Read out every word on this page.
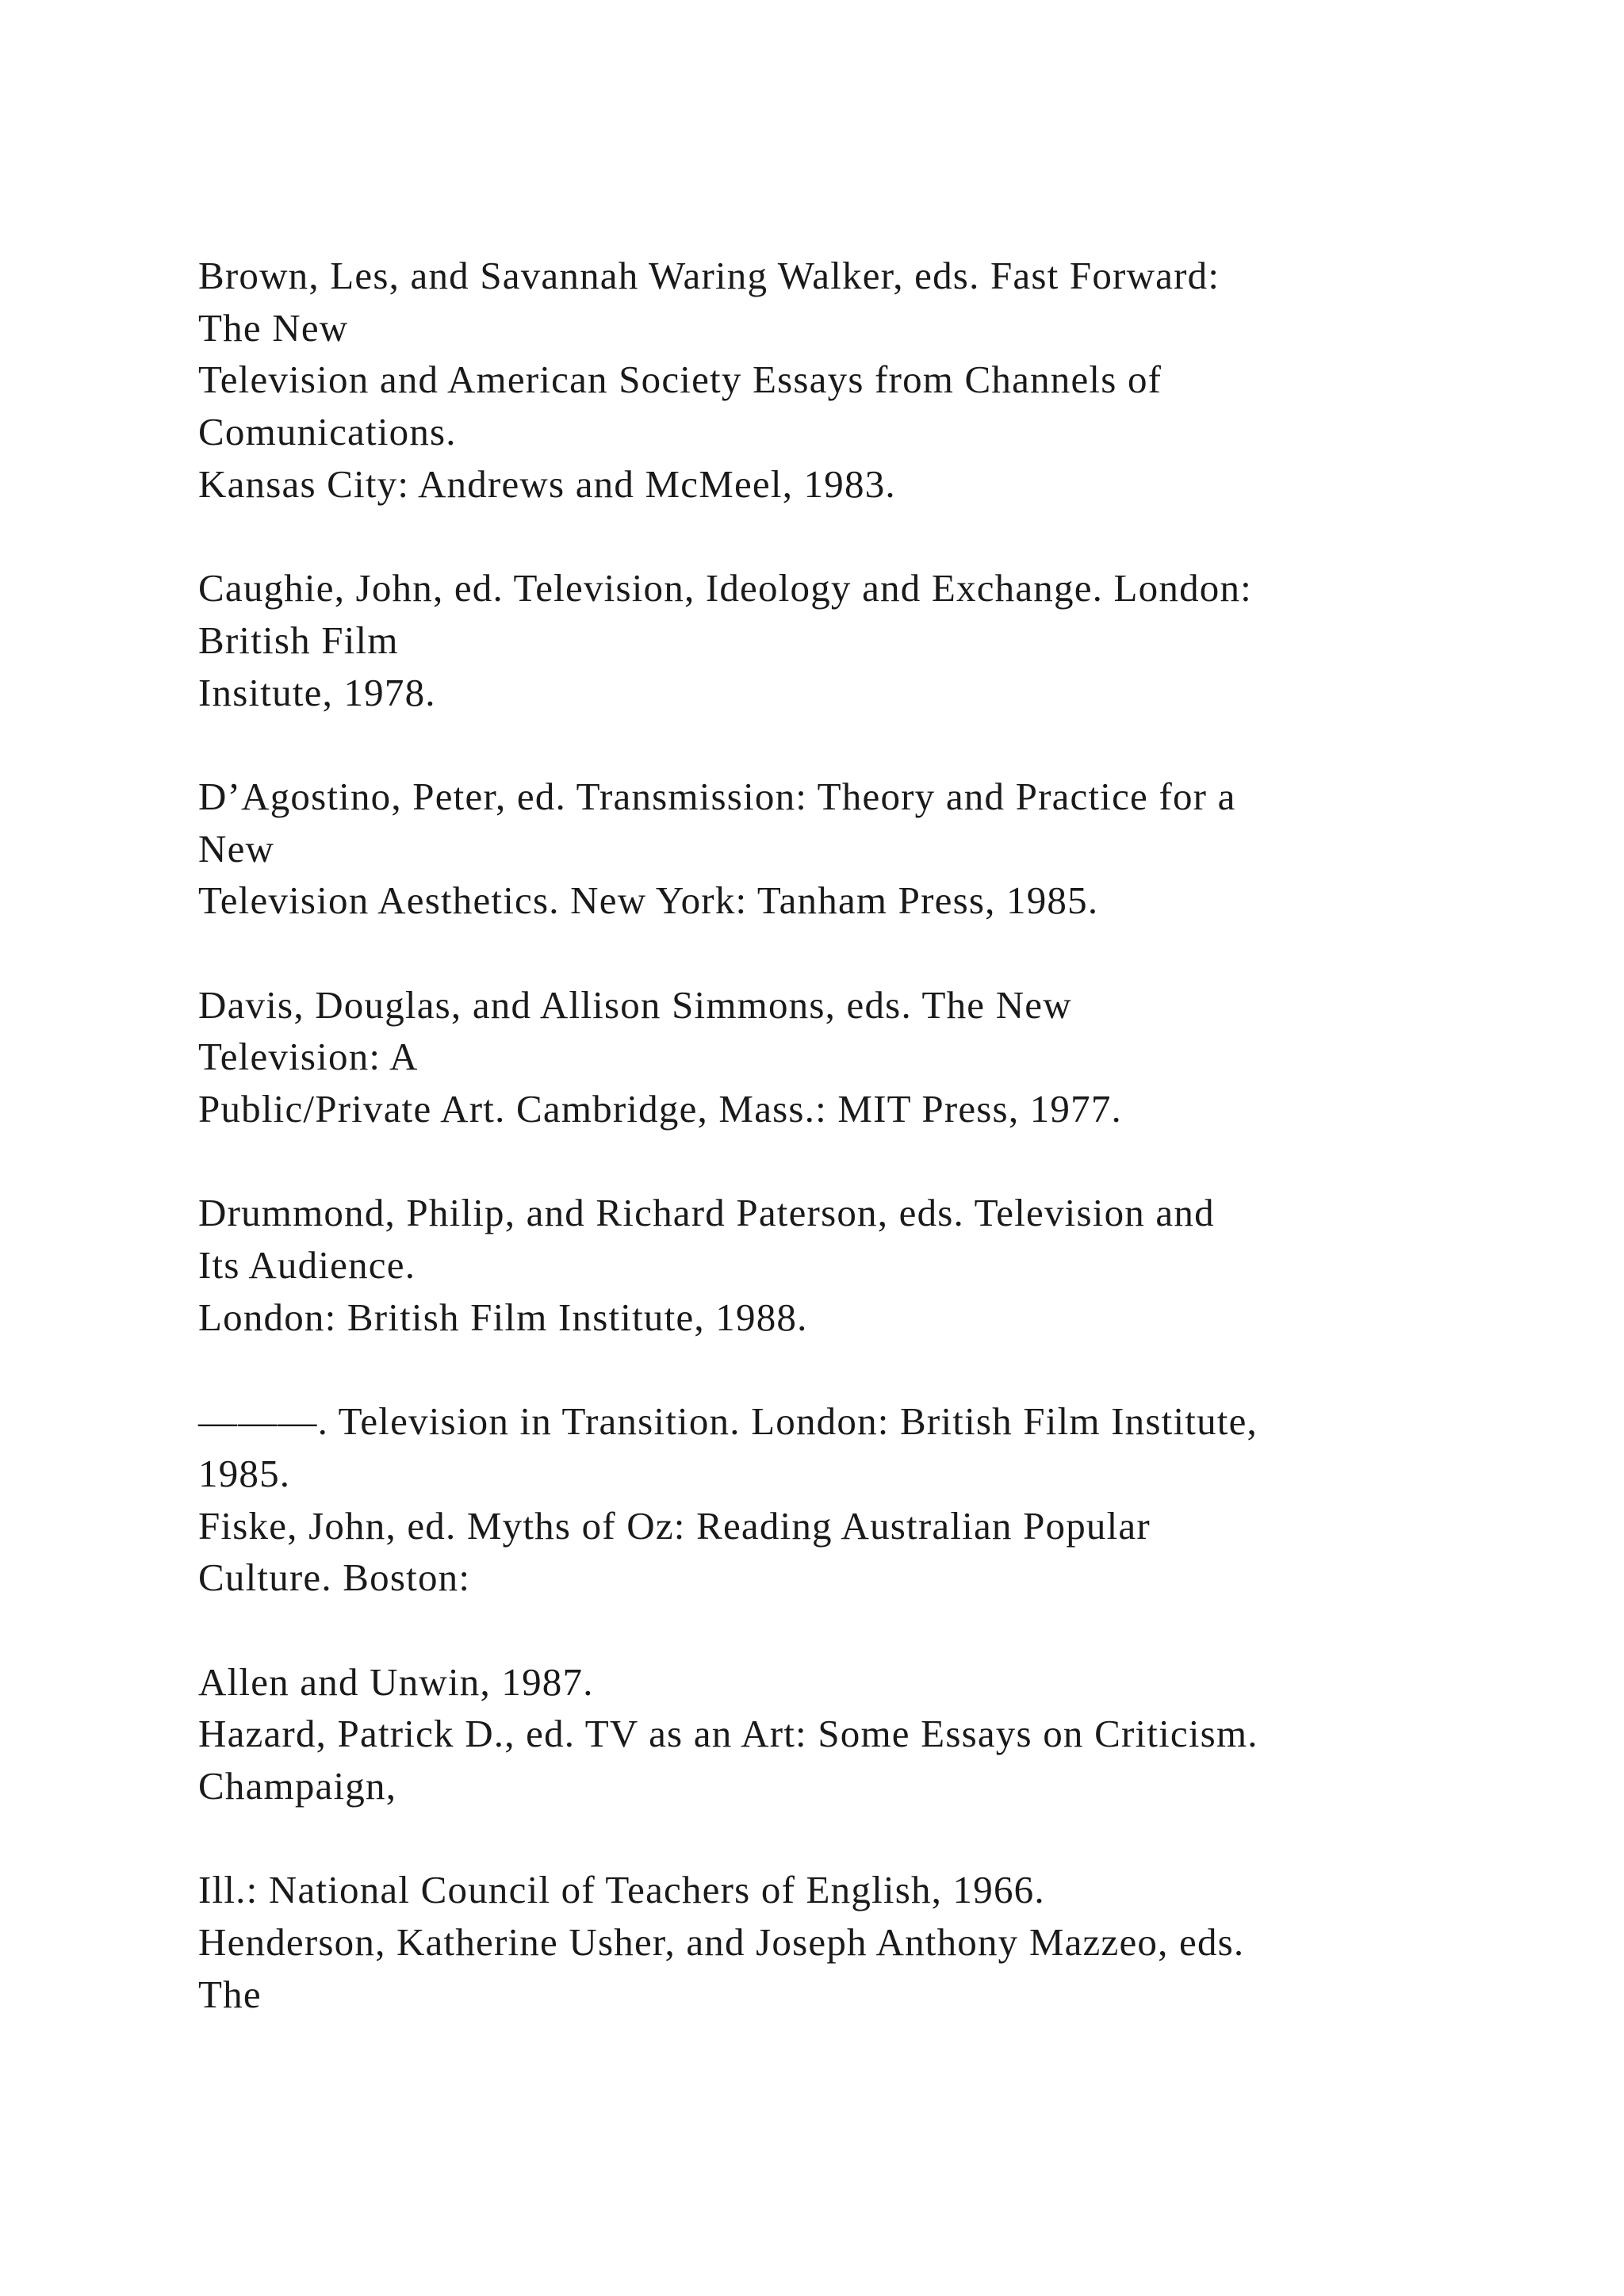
Brown, Les, and Savannah Waring Walker, eds. Fast Forward:
The New
Television and American Society Essays from Channels of
Comunications.
Kansas City: Andrews and McMeel, 1983.
Caughie, John, ed. Television, Ideology and Exchange. London:
British Film
Insitute, 1978.
D’Agostino, Peter, ed. Transmission: Theory and Practice for a
New
Television Aesthetics. New York: Tanham Press, 1985.
Davis, Douglas, and Allison Simmons, eds. The New
Television: A
Public/Private Art. Cambridge, Mass.: MIT Press, 1977.
Drummond, Philip, and Richard Paterson, eds. Television and
Its Audience.
London: British Film Institute, 1988.
———. Television in Transition. London: British Film Institute,
1985.
Fiske, John, ed. Myths of Oz: Reading Australian Popular
Culture. Boston:
Allen and Unwin, 1987.
Hazard, Patrick D., ed. TV as an Art: Some Essays on Criticism.
Champaign,
Ill.: National Council of Teachers of English, 1966.
Henderson, Katherine Usher, and Joseph Anthony Mazzeo, eds.
The
